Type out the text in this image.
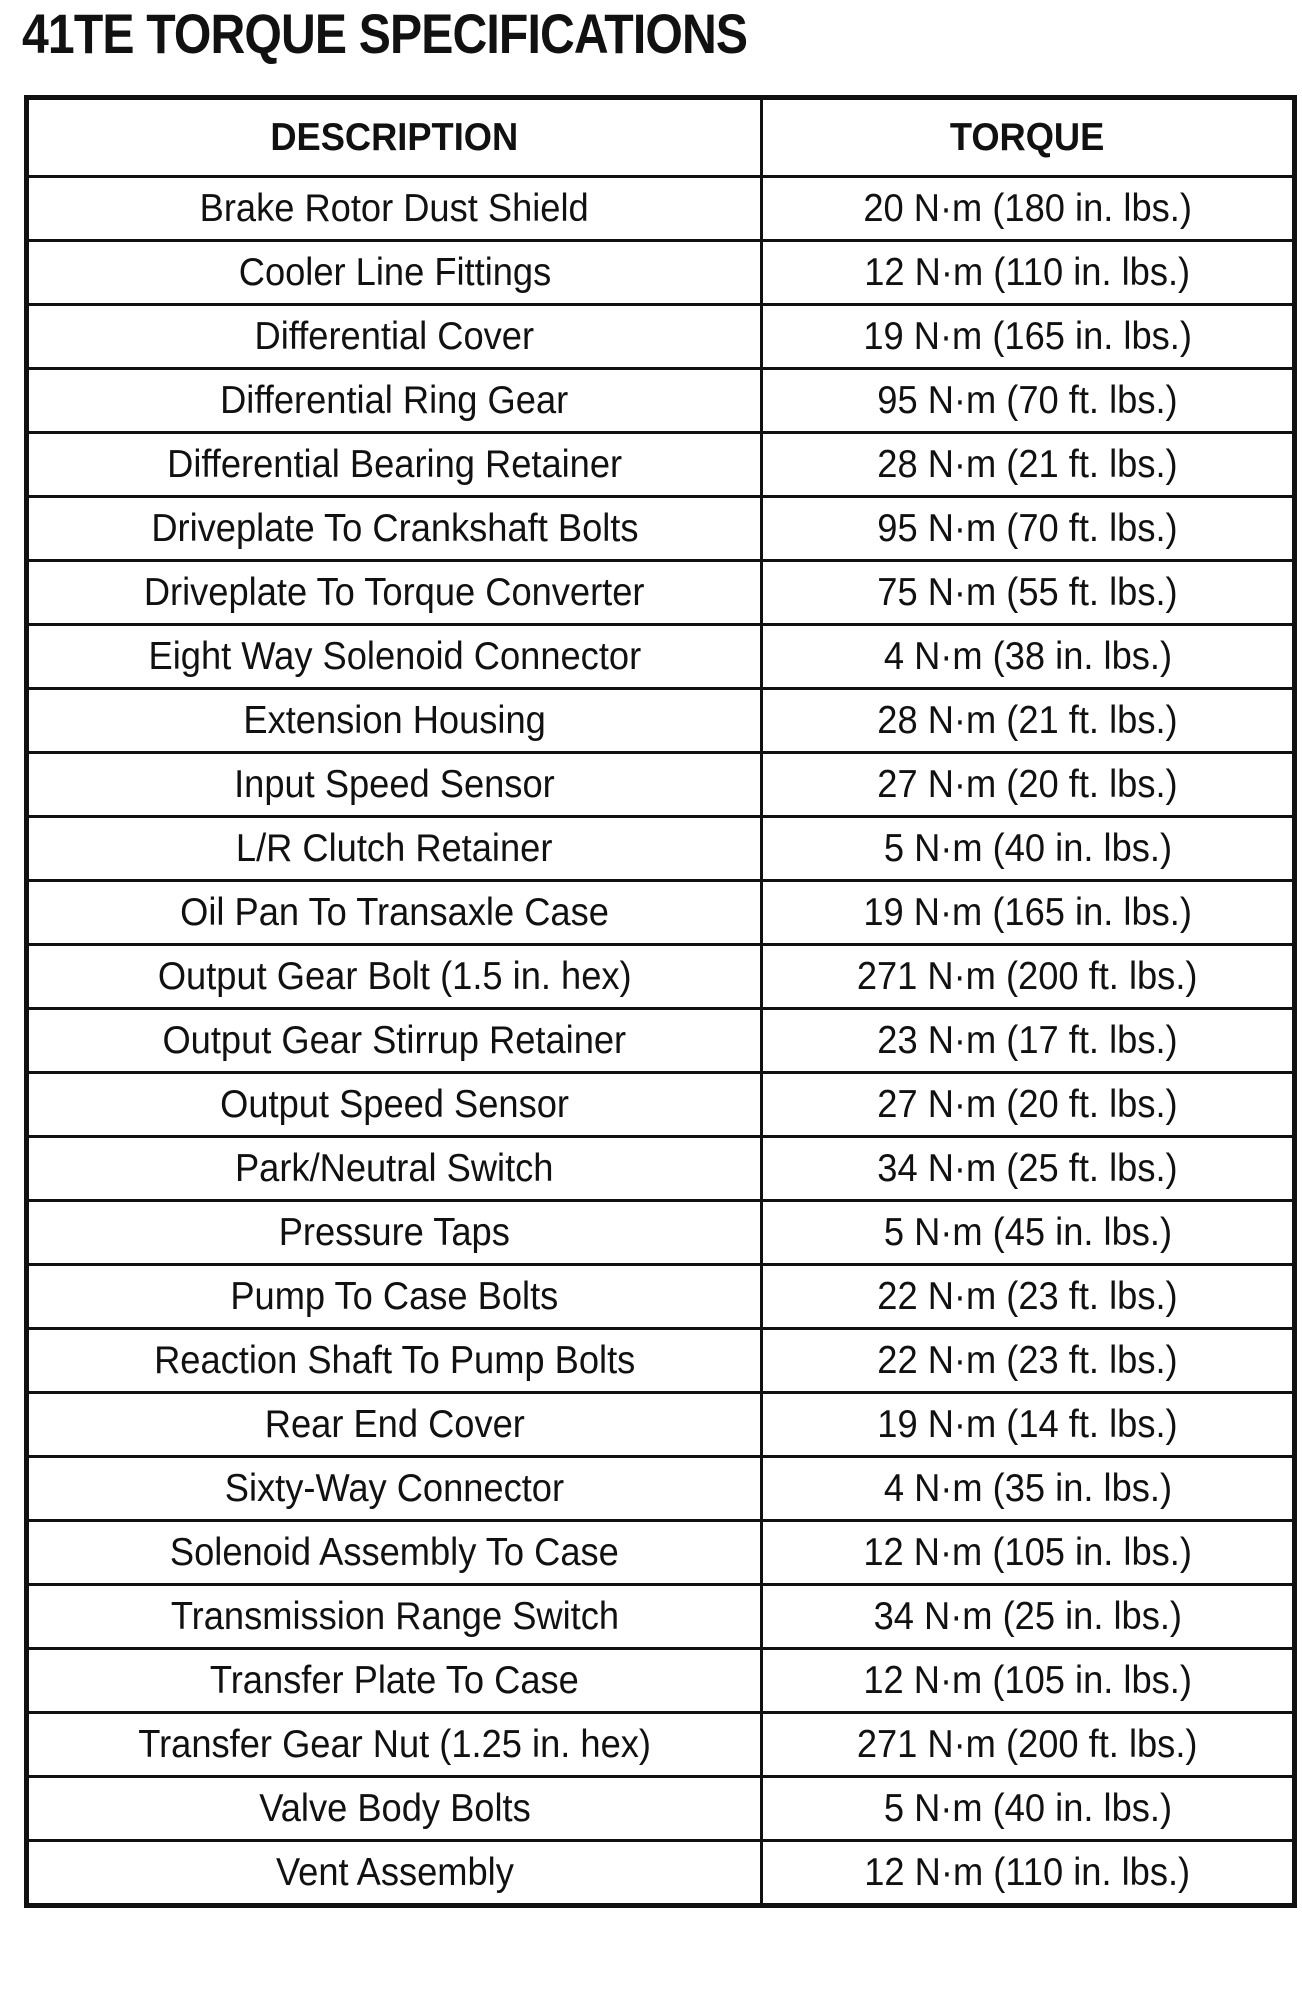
41TE TORQUE SPECIFICATIONS
DESCRIPTION	TORQUE
Brake Rotor Dust Shield	20 N·m (180 in. lbs.)
Cooler Line Fittings	12 N·m (110 in. lbs.)
Differential Cover	19 N·m (165 in. lbs.)
Differential Ring Gear	95 N·m (70 ft. lbs.)
Differential Bearing Retainer	28 N·m (21 ft. lbs.)
Driveplate To Crankshaft Bolts	95 N·m (70 ft. lbs.)
Driveplate To Torque Converter	75 N·m (55 ft. lbs.)
Eight Way Solenoid Connector	4 N·m (38 in. lbs.)
Extension Housing	28 N·m (21 ft. lbs.)
Input Speed Sensor	27 N·m (20 ft. lbs.)
L/R Clutch Retainer	5 N·m (40 in. lbs.)
Oil Pan To Transaxle Case	19 N·m (165 in. lbs.)
Output Gear Bolt (1.5 in. hex)	271 N·m (200 ft. lbs.)
Output Gear Stirrup Retainer	23 N·m (17 ft. lbs.)
Output Speed Sensor	27 N·m (20 ft. lbs.)
Park/Neutral Switch	34 N·m (25 ft. lbs.)
Pressure Taps	5 N·m (45 in. lbs.)
Pump To Case Bolts	22 N·m (23 ft. lbs.)
Reaction Shaft To Pump Bolts	22 N·m (23 ft. lbs.)
Rear End Cover	19 N·m (14 ft. lbs.)
Sixty-Way Connector	4 N·m (35 in. lbs.)
Solenoid Assembly To Case	12 N·m (105 in. lbs.)
Transmission Range Switch	34 N·m (25 in. lbs.)
Transfer Plate To Case	12 N·m (105 in. lbs.)
Transfer Gear Nut (1.25 in. hex)	271 N·m (200 ft. lbs.)
Valve Body Bolts	5 N·m (40 in. lbs.)
Vent Assembly	12 N·m (110 in. lbs.)
